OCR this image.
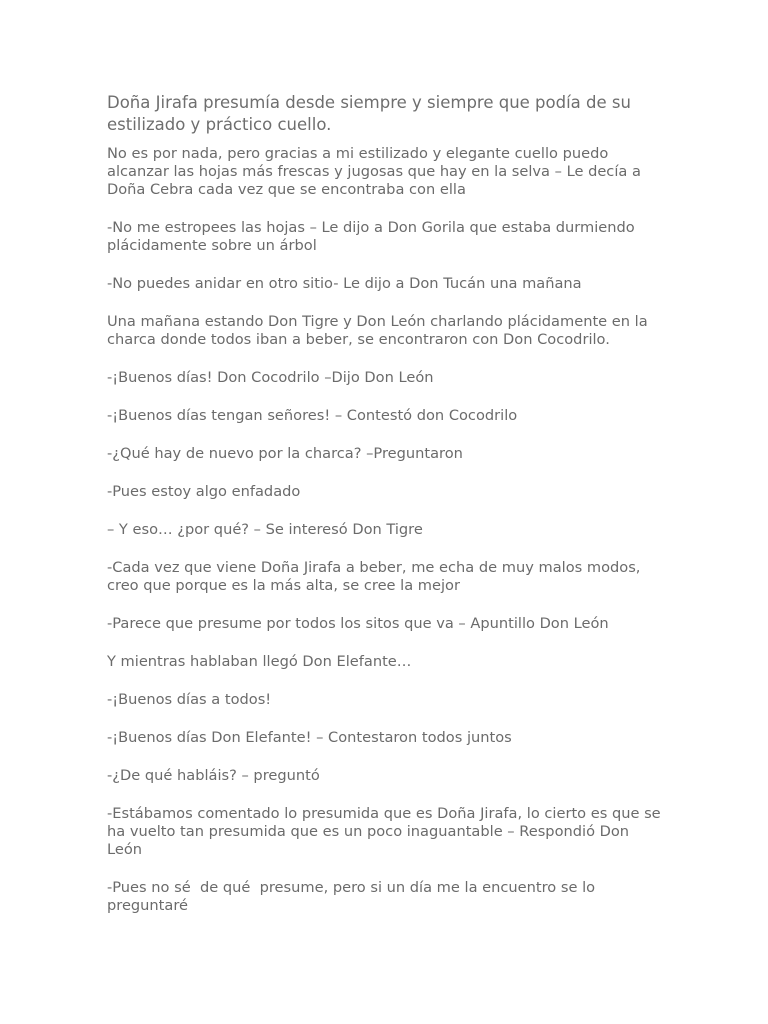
Doña Jirafa presumía desde siempre y siempre que podía de su estilizado y práctico cuello.

No es por nada, pero gracias a mi estilizado y elegante cuello puedo alcanzar las hojas más frescas y jugosas que hay en la selva – Le decía a Doña Cebra cada vez que se encontraba con ella

-No me estropees las hojas – Le dijo a Don Gorila que estaba durmiendo plácidamente sobre un árbol

-No puedes anidar en otro sitio- Le dijo a Don Tucán una mañana

Una mañana estando Don Tigre y Don León charlando plácidamente en la charca donde todos iban a beber, se encontraron con Don Cocodrilo.

-¡Buenos días! Don Cocodrilo –Dijo Don León

-¡Buenos días tengan señores! – Contestó don Cocodrilo

-¿Qué hay de nuevo por la charca? –Preguntaron

-Pues estoy algo enfadado

– Y eso… ¿por qué? – Se interesó Don Tigre

-Cada vez que viene Doña Jirafa a beber, me echa de muy malos modos, creo que porque es la más alta, se cree la mejor

-Parece que presume por todos los sitos que va – Apuntillo Don León

Y mientras hablaban llegó Don Elefante…

-¡Buenos días a todos!

-¡Buenos días Don Elefante! – Contestaron todos juntos

-¿De qué habláis? – preguntó

-Estábamos comentado lo presumida que es Doña Jirafa, lo cierto es que se ha vuelto tan presumida que es un poco inaguantable – Respondió Don León

-Pues no sé  de qué  presume, pero si un día me la encuentro se lo preguntaré
